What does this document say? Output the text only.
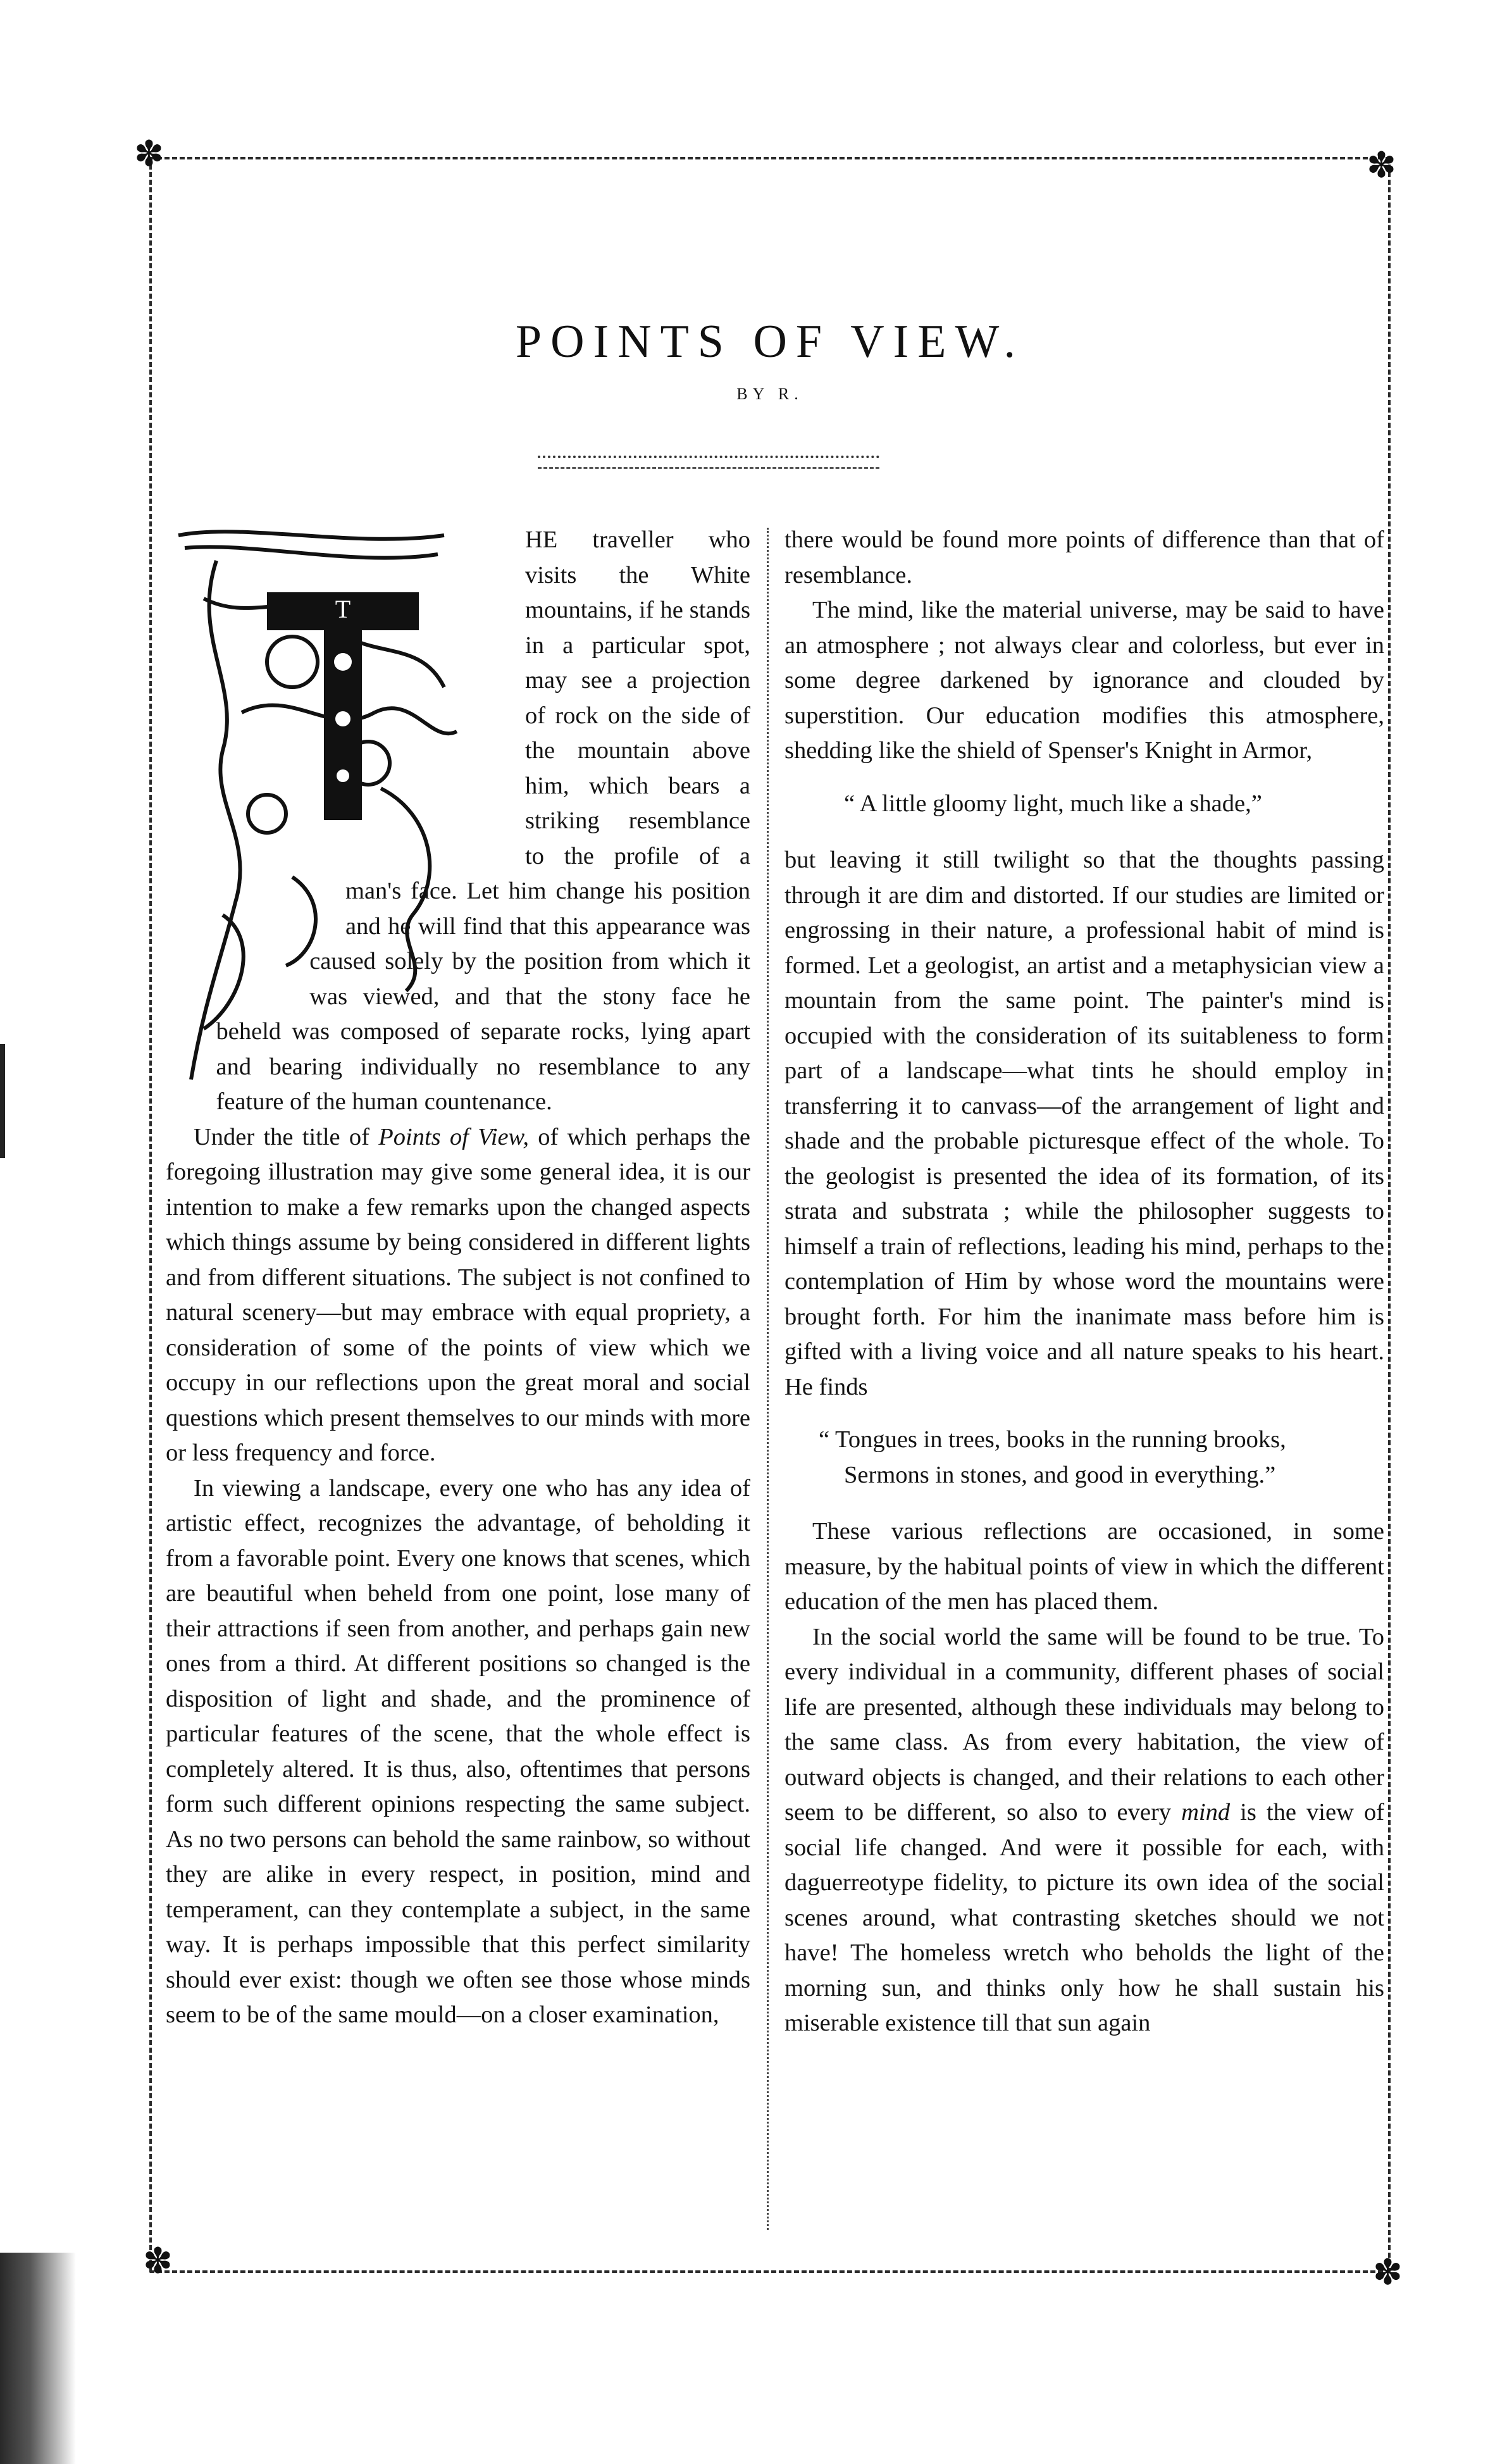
✽	✽
✽	✽
POINTS OF VIEW.
BY R.
T

HE traveller who visits the White mountains, if he stands in a particular spot, may see a projection of rock on the side of the mountain above him, which bears a striking resemblance to the profile of a man's face. Let him change his position and he will find that this appearance was caused solely by the position from which it was viewed, and that the stony face he beheld was composed of separate rocks, lying apart and bearing individually no resemblance to any feature of the human countenance.

Under the title of Points of View, of which perhaps the foregoing illustration may give some general idea, it is our intention to make a few remarks upon the changed aspects which things assume by being considered in different lights and from different situations. The subject is not confined to natural scenery—but may embrace with equal propriety, a consideration of some of the points of view which we occupy in our reflections upon the great moral and social questions which present themselves to our minds with more or less frequency and force.

In viewing a landscape, every one who has any idea of artistic effect, recognizes the advantage, of beholding it from a favorable point. Every one knows that scenes, which are beautiful when beheld from one point, lose many of their attractions if seen from another, and perhaps gain new ones from a third. At different positions so changed is the disposition of light and shade, and the prominence of particular features of the scene, that the whole effect is completely altered. It is thus, also, oftentimes that persons form such different opinions respecting the same subject. As no two persons can behold the same rainbow, so without they are alike in every respect, in position, mind and temperament, can they contemplate a subject, in the same way. It is perhaps impossible that this perfect similarity should ever exist: though we often see those whose minds seem to be of the same mould—on a closer examination,

there would be found more points of difference than that of resemblance.

The mind, like the material universe, may be said to have an atmosphere ; not always clear and colorless, but ever in some degree darkened by ignorance and clouded by superstition. Our education modifies this atmosphere, shedding like the shield of Spenser's Knight in Armor,

“ A little gloomy light, much like a shade,”

but leaving it still twilight so that the thoughts passing through it are dim and distorted. If our studies are limited or engrossing in their nature, a professional habit of mind is formed. Let a geologist, an artist and a metaphysician view a mountain from the same point. The painter's mind is occupied with the consideration of its suitableness to form part of a landscape—what tints he should employ in transferring it to canvass—of the arrangement of light and shade and the probable picturesque effect of the whole. To the geologist is presented the idea of its formation, of its strata and substrata ; while the philosopher suggests to himself a train of reflections, leading his mind, perhaps to the contemplation of Him by whose word the mountains were brought forth. For him the inanimate mass before him is gifted with a living voice and all nature speaks to his heart. He finds

“ Tongues in trees, books in the running brooks,

Sermons in stones, and good in everything.”

These various reflections are occasioned, in some measure, by the habitual points of view in which the different education of the men has placed them.

In the social world the same will be found to be true. To every individual in a community, different phases of social life are presented, although these individuals may belong to the same class. As from every habitation, the view of outward objects is changed, and their relations to each other seem to be different, so also to every mind is the view of social life changed. And were it possible for each, with daguerreotype fidelity, to picture its own idea of the social scenes around, what contrasting sketches should we not have! The homeless wretch who beholds the light of the morning sun, and thinks only how he shall sustain his miserable existence till that sun again
